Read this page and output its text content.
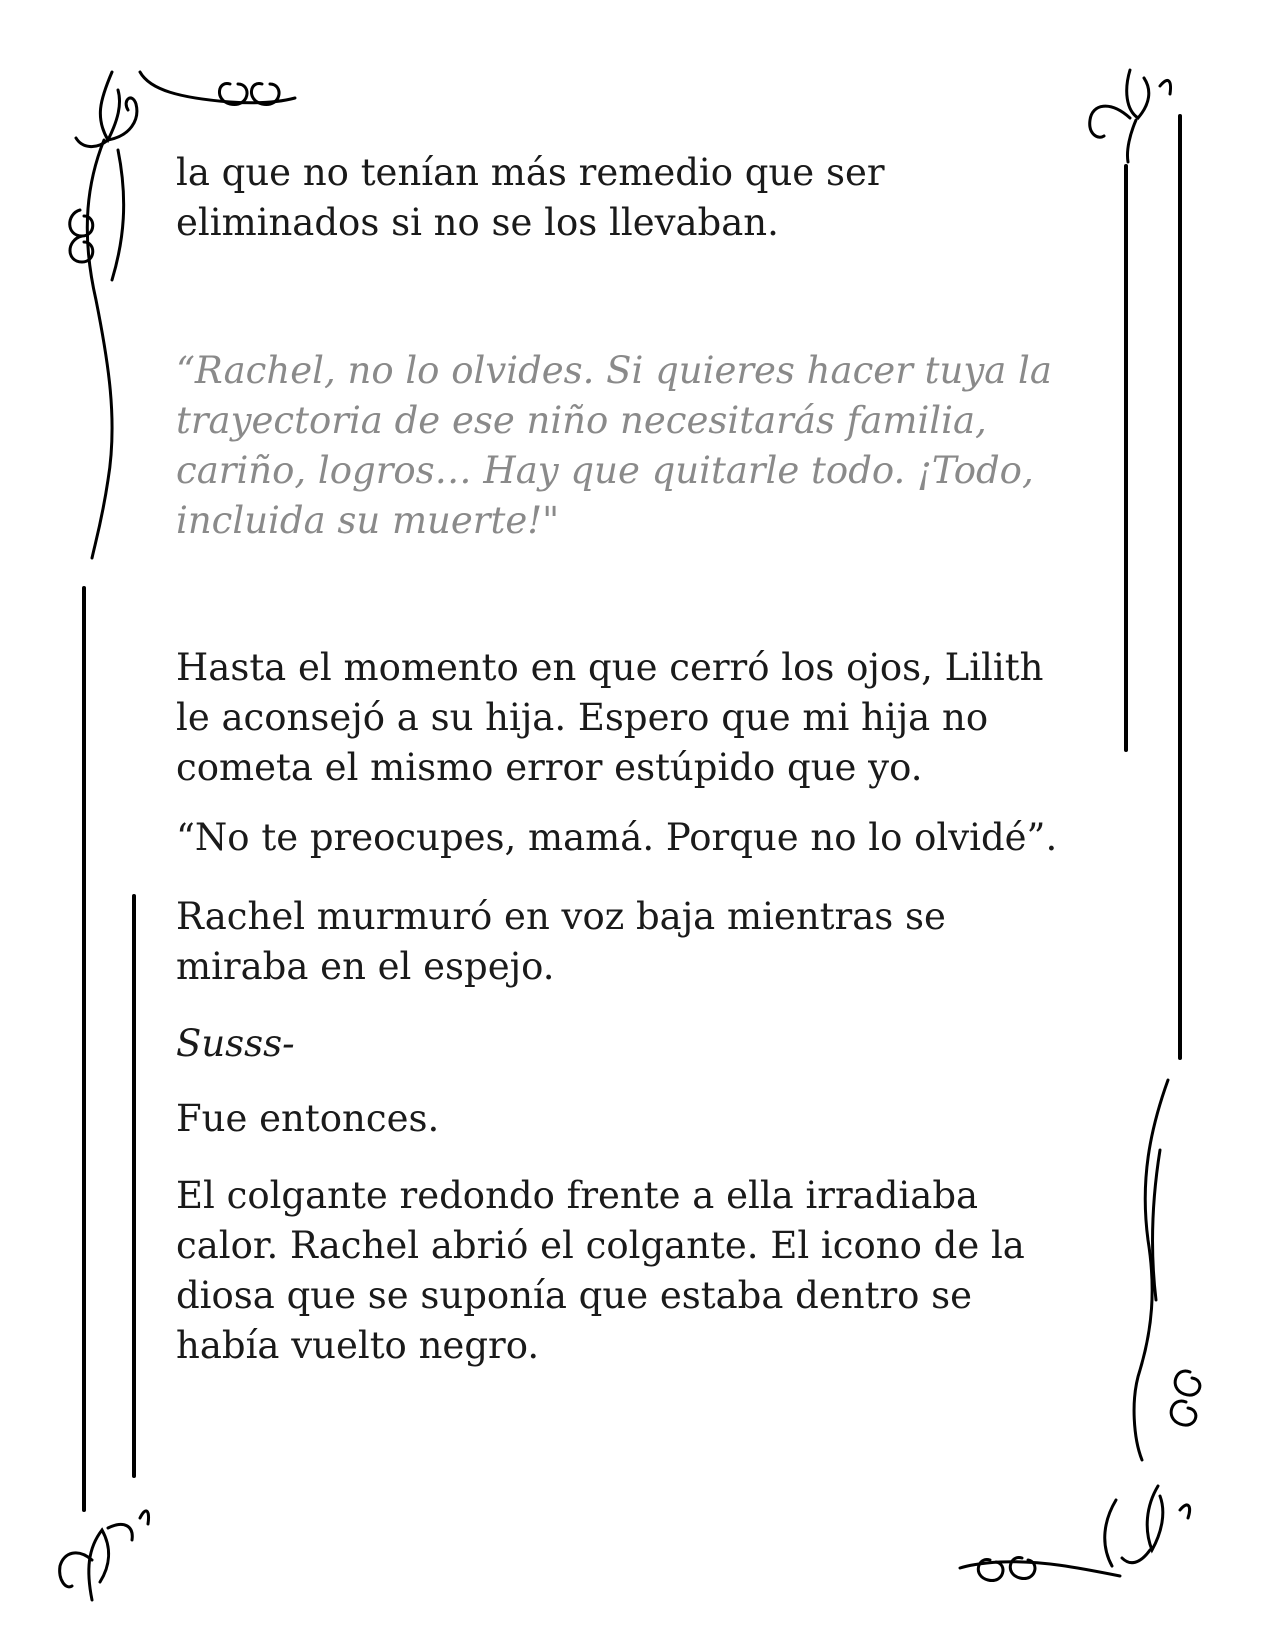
la que no tenían más remedio que ser
eliminados si no se los llevaban.

“Rachel, no lo olvides. Si quieres hacer tuya la
trayectoria de ese niño necesitarás familia,
cariño, logros… Hay que quitarle todo. ¡Todo,
incluida su muerte!"

Hasta el momento en que cerró los ojos, Lilith
le aconsejó a su hija. Espero que mi hija no
cometa el mismo error estúpido que yo.

“No te preocupes, mamá. Porque no lo olvidé”.

Rachel murmuró en voz baja mientras se
miraba en el espejo.

Susss-

Fue entonces.

El colgante redondo frente a ella irradiaba
calor. Rachel abrió el colgante. El icono de la
diosa que se suponía que estaba dentro se
había vuelto negro.
